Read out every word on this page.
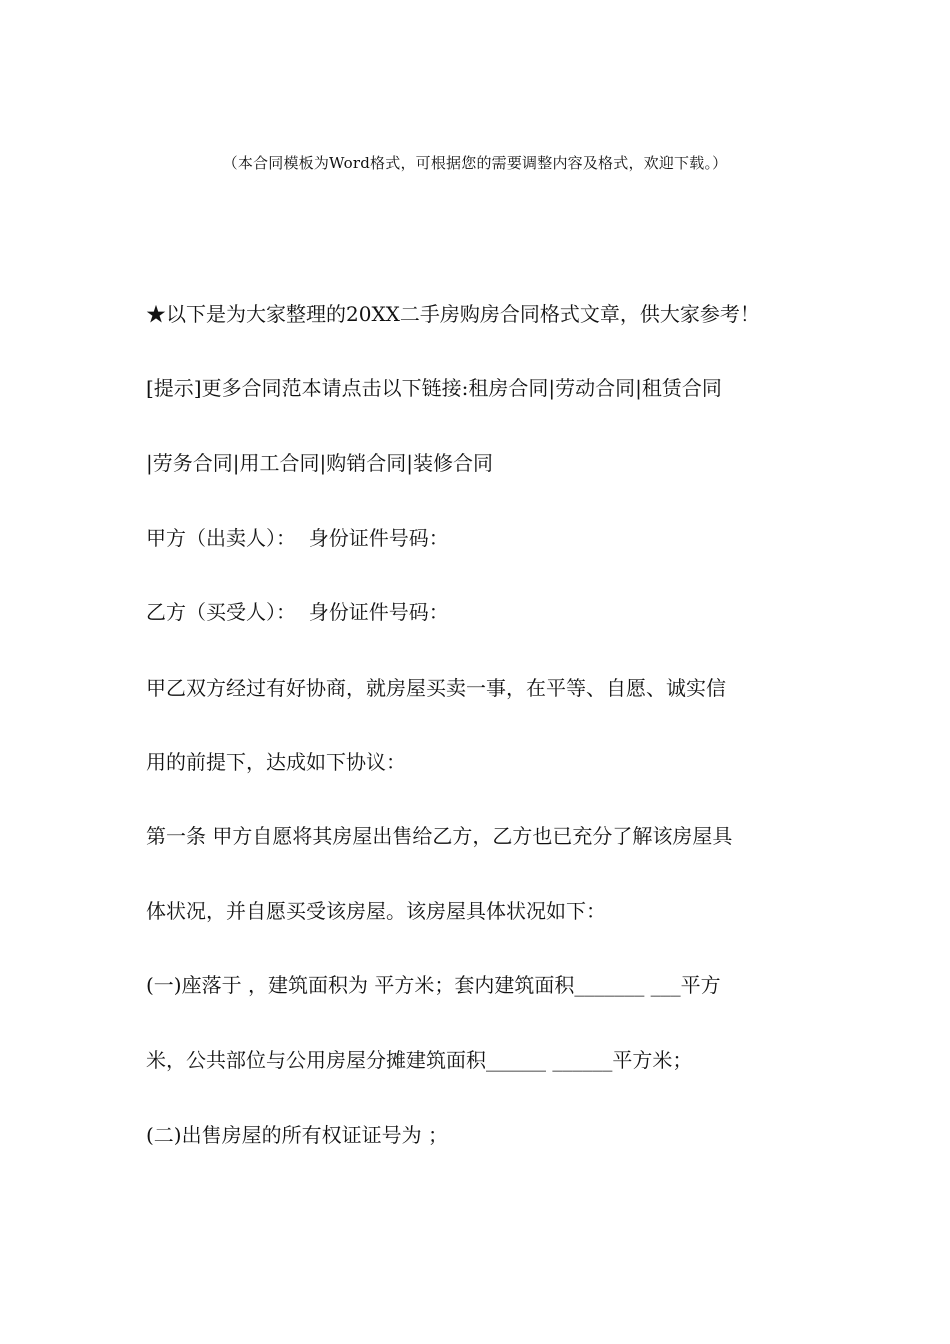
（本合同模板为Word格式，可根据您的需要调整内容及格式，欢迎下载。）
★以下是为大家整理的20XX二手房购房合同格式文章，供大家参考！
[提示]更多合同范本请点击以下链接:租房合同|劳动合同|租赁合同
|劳务合同|用工合同|购销合同|装修合同
甲方（出卖人）：  身份证件号码：
乙方（买受人）：  身份证件号码：
甲乙双方经过有好协商，就房屋买卖一事，在平等、自愿、诚实信
用的前提下，达成如下协议：
第一条 甲方自愿将其房屋出售给乙方，乙方也已充分了解该房屋具
体状况，并自愿买受该房屋。该房屋具体状况如下：
(一)座落于 ，建筑面积为 平方米；套内建筑面积_______ ___平方
米，公共部位与公用房屋分摊建筑面积______ ______平方米；
(二)出售房屋的所有权证证号为 ；
